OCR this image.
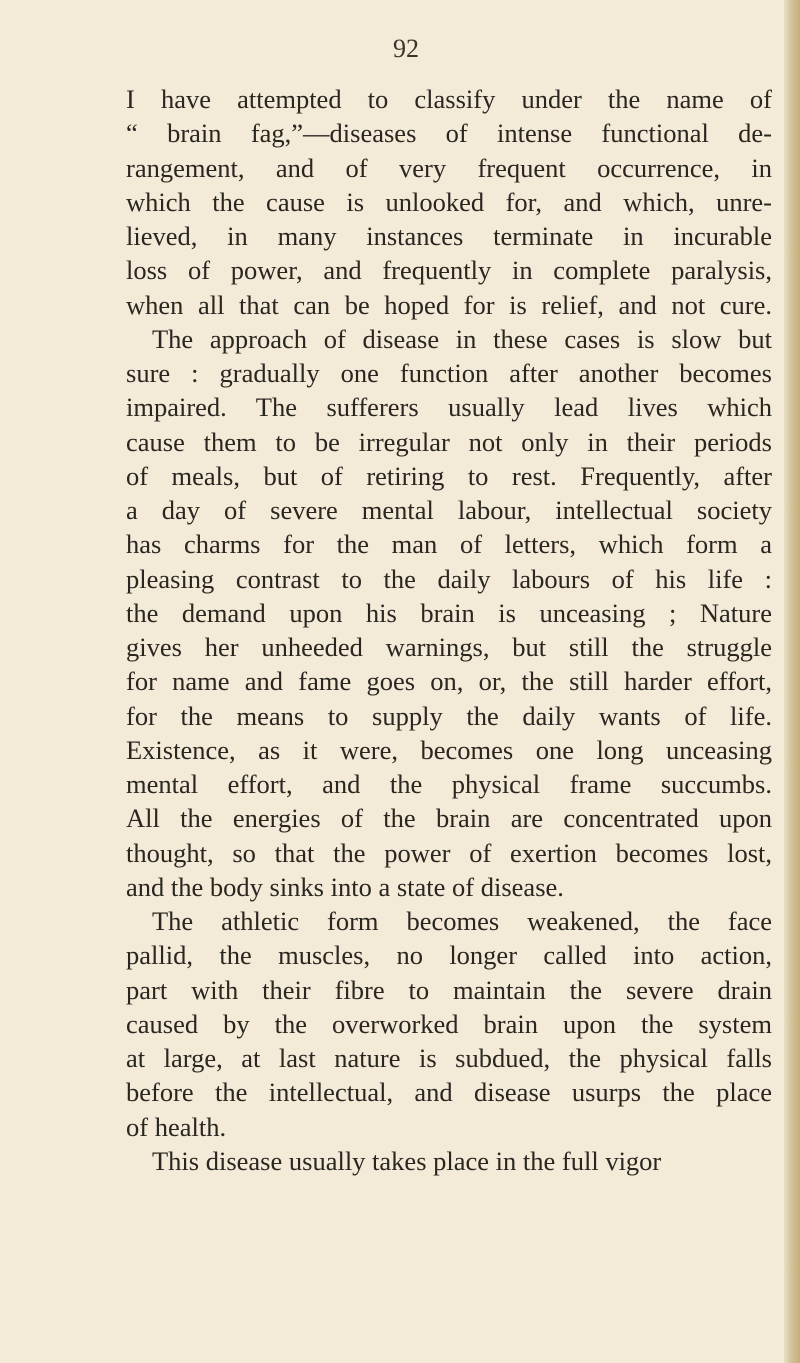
92
I have attempted to classify under the name of
“ brain fag,”—diseases of intense functional de-
rangement, and of very frequent occurrence, in
which the cause is unlooked for, and which, unre-
lieved, in many instances terminate in incurable
loss of power, and frequently in complete paralysis,
when all that can be hoped for is relief, and not cure.
The approach of disease in these cases is slow but
sure : gradually one function after another becomes
impaired. The sufferers usually lead lives which
cause them to be irregular not only in their periods
of meals, but of retiring to rest. Frequently, after
a day of severe mental labour, intellectual society
has charms for the man of letters, which form a
pleasing contrast to the daily labours of his life :
the demand upon his brain is unceasing ; Nature
gives her unheeded warnings, but still the struggle
for name and fame goes on, or, the still harder effort,
for the means to supply the daily wants of life.
Existence, as it were, becomes one long unceasing
mental effort, and the physical frame succumbs.
All the energies of the brain are concentrated upon
thought, so that the power of exertion becomes lost,
and the body sinks into a state of disease.
The athletic form becomes weakened, the face
pallid, the muscles, no longer called into action,
part with their fibre to maintain the severe drain
caused by the overworked brain upon the system
at large, at last nature is subdued, the physical falls
before the intellectual, and disease usurps the place
of health.
This disease usually takes place in the full vigor
